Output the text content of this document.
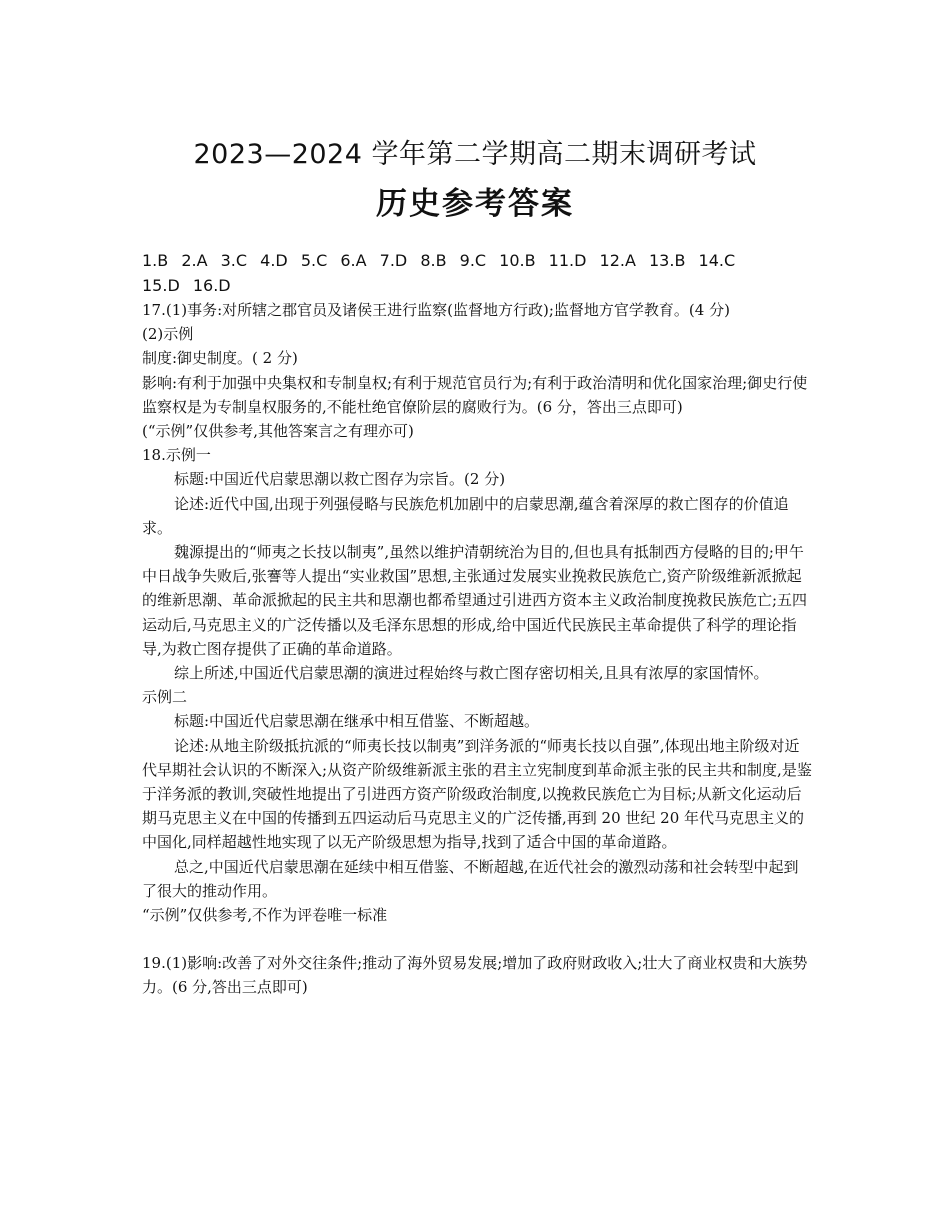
2023—2024 学年第二学期高二期末调研考试
历史参考答案

1.B 2.A 3.C 4.D 5.C 6.A 7.D 8.B 9.C 10.B 11.D 12.A 13.B 14.C

15.D 16.D

17.(1)事务:对所辖之郡官员及诸侯王进行监察(监督地方行政);监督地方官学教育。(4 分)

(2)示例

制度:御史制度。( 2 分)

影响:有利于加强中央集权和专制皇权;有利于规范官员行为;有利于政治清明和优化国家治理;御史行使监察权是为专制皇权服务的,不能杜绝官僚阶层的腐败行为。(6 分，答出三点即可)

(“示例”仅供参考,其他答案言之有理亦可)

18.示例一

标题:中国近代启蒙思潮以救亡图存为宗旨。(2 分)

论述:近代中国,出现于列强侵略与民族危机加剧中的启蒙思潮,蕴含着深厚的救亡图存的价值追求。

魏源提出的“师夷之长技以制夷”,虽然以维护清朝统治为目的,但也具有抵制西方侵略的目的;甲午中日战争失败后,张謇等人提出“实业救国”思想,主张通过发展实业挽救民族危亡,资产阶级维新派掀起的维新思潮、革命派掀起的民主共和思潮也都希望通过引进西方资本主义政治制度挽救民族危亡;五四运动后,马克思主义的广泛传播以及毛泽东思想的形成,给中国近代民族民主革命提供了科学的理论指导,为救亡图存提供了正确的革命道路。

综上所述,中国近代启蒙思潮的演进过程始终与救亡图存密切相关,且具有浓厚的家国情怀。

示例二

标题:中国近代启蒙思潮在继承中相互借鉴、不断超越。

论述:从地主阶级抵抗派的“师夷长技以制夷”到洋务派的“师夷长技以自强”,体现出地主阶级对近代早期社会认识的不断深入;从资产阶级维新派主张的君主立宪制度到革命派主张的民主共和制度,是鉴于洋务派的教训,突破性地提出了引进西方资产阶级政治制度,以挽救民族危亡为目标;从新文化运动后期马克思主义在中国的传播到五四运动后马克思主义的广泛传播,再到 20 世纪 20 年代马克思主义的中国化,同样超越性地实现了以无产阶级思想为指导,找到了适合中国的革命道路。

总之,中国近代启蒙思潮在延续中相互借鉴、不断超越,在近代社会的激烈动荡和社会转型中起到了很大的推动作用。

“示例”仅供参考,不作为评卷唯一标准

19.(1)影响:改善了对外交往条件;推动了海外贸易发展;增加了政府财政收入;壮大了商业权贵和大族势力。(6 分,答出三点即可)
